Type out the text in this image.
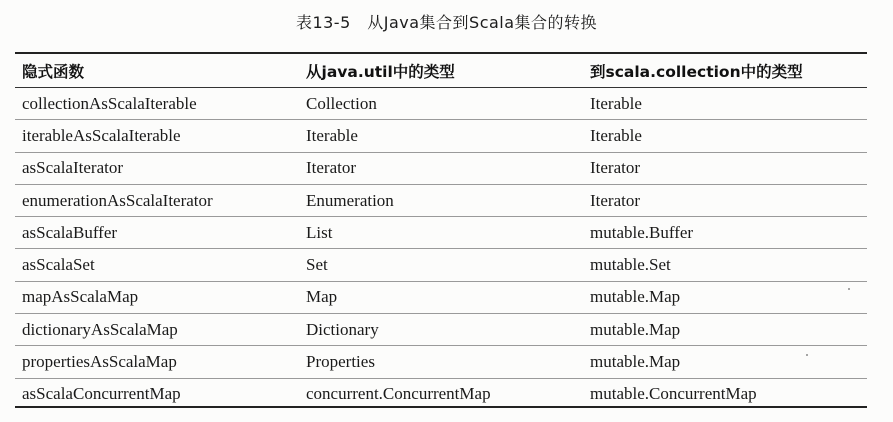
表13-5　从Java集合到Scala集合的转换
隐式函数	从java.util中的类型	到scala.collection中的类型
collectionAsScalaIterable	Collection	Iterable
iterableAsScalaIterable	Iterable	Iterable
asScalaIterator	Iterator	Iterator
enumerationAsScalaIterator	Enumeration	Iterator
asScalaBuffer	List	mutable.Buffer
asScalaSet	Set	mutable.Set
mapAsScalaMap	Map	mutable.Map
dictionaryAsScalaMap	Dictionary	mutable.Map
propertiesAsScalaMap	Properties	mutable.Map
asScalaConcurrentMap	concurrent.ConcurrentMap	mutable.ConcurrentMap
